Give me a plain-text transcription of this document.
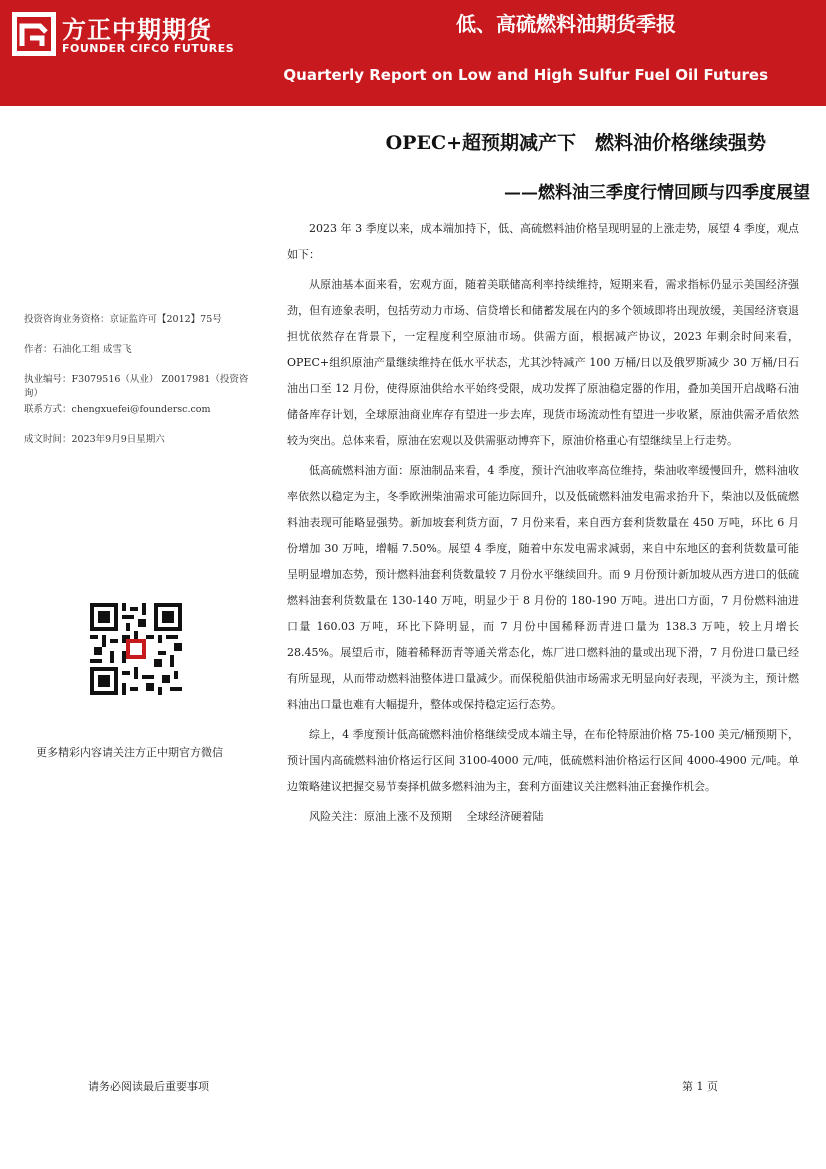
方正中期期货
FOUNDER CIFCO FUTURES
低、高硫燃料油期货季报
Quarterly Report on Low and High Sulfur Fuel Oil Futures
OPEC+超预期减产下　燃料油价格继续强势
——燃料油三季度行情回顾与四季度展望
投资咨询业务资格：京证监许可【2012】75号
作者：石油化工组 成雪飞
执业编号：F3079516（从业） Z0017981（投资咨询）
联系方式：chengxuefei@foundersc.com
成文时间：2023年9月9日星期六
更多精彩内容请关注方正中期官方微信

2023 年 3 季度以来，成本端加持下，低、高硫燃料油价格呈现明显的上涨走势，展望 4 季度，观点如下：

从原油基本面来看，宏观方面，随着美联储高利率持续维持，短期来看，需求指标仍显示美国经济强劲，但有迹象表明，包括劳动力市场、信贷增长和储蓄发展在内的多个领域即将出现放缓，美国经济衰退担忧依然存在背景下，一定程度利空原油市场。供需方面，根据减产协议，2023 年剩余时间来看，OPEC+组织原油产量继续维持在低水平状态，尤其沙特减产 100 万桶/日以及俄罗斯减少 30 万桶/日石油出口至 12 月份，使得原油供给水平始终受限，成功发挥了原油稳定器的作用，叠加美国开启战略石油储备库存计划，全球原油商业库存有望进一步去库，现货市场流动性有望进一步收紧，原油供需矛盾依然较为突出。总体来看，原油在宏观以及供需驱动博弈下，原油价格重心有望继续呈上行走势。

低高硫燃料油方面：原油制品来看，4 季度，预计汽油收率高位维持，柴油收率缓慢回升，燃料油收率依然以稳定为主，冬季欧洲柴油需求可能边际回升，以及低硫燃料油发电需求抬升下，柴油以及低硫燃料油表现可能略显强势。新加坡套利货方面，7 月份来看，来自西方套利货数量在 450 万吨，环比 6 月份增加 30 万吨，增幅 7.50%。展望 4 季度，随着中东发电需求减弱，来自中东地区的套利货数量可能呈明显增加态势，预计燃料油套利货数量较 7 月份水平继续回升。而 9 月份预计新加坡从西方进口的低硫燃料油套利货数量在 130-140 万吨，明显少于 8 月份的 180-190 万吨。进出口方面，7 月份燃料油进口量 160.03 万吨，环比下降明显，而 7 月份中国稀释沥青进口量为 138.3 万吨，较上月增长 28.45%。展望后市，随着稀释沥青等通关常态化，炼厂进口燃料油的量或出现下滑，7 月份进口量已经有所显现，从而带动燃料油整体进口量减少。而保税船供油市场需求无明显向好表现，平淡为主，预计燃料油出口量也难有大幅提升，整体或保持稳定运行态势。

综上，4 季度预计低高硫燃料油价格继续受成本端主导，在布伦特原油价格 75-100 美元/桶预期下，预计国内高硫燃料油价格运行区间 3100-4000 元/吨，低硫燃料油价格运行区间 4000-4900 元/吨。单边策略建议把握交易节奏择机做多燃料油为主，套利方面建议关注燃料油正套操作机会。

风险关注：原油上涨不及预期　 全球经济硬着陆

请务必阅读最后重要事项	第 1 页
